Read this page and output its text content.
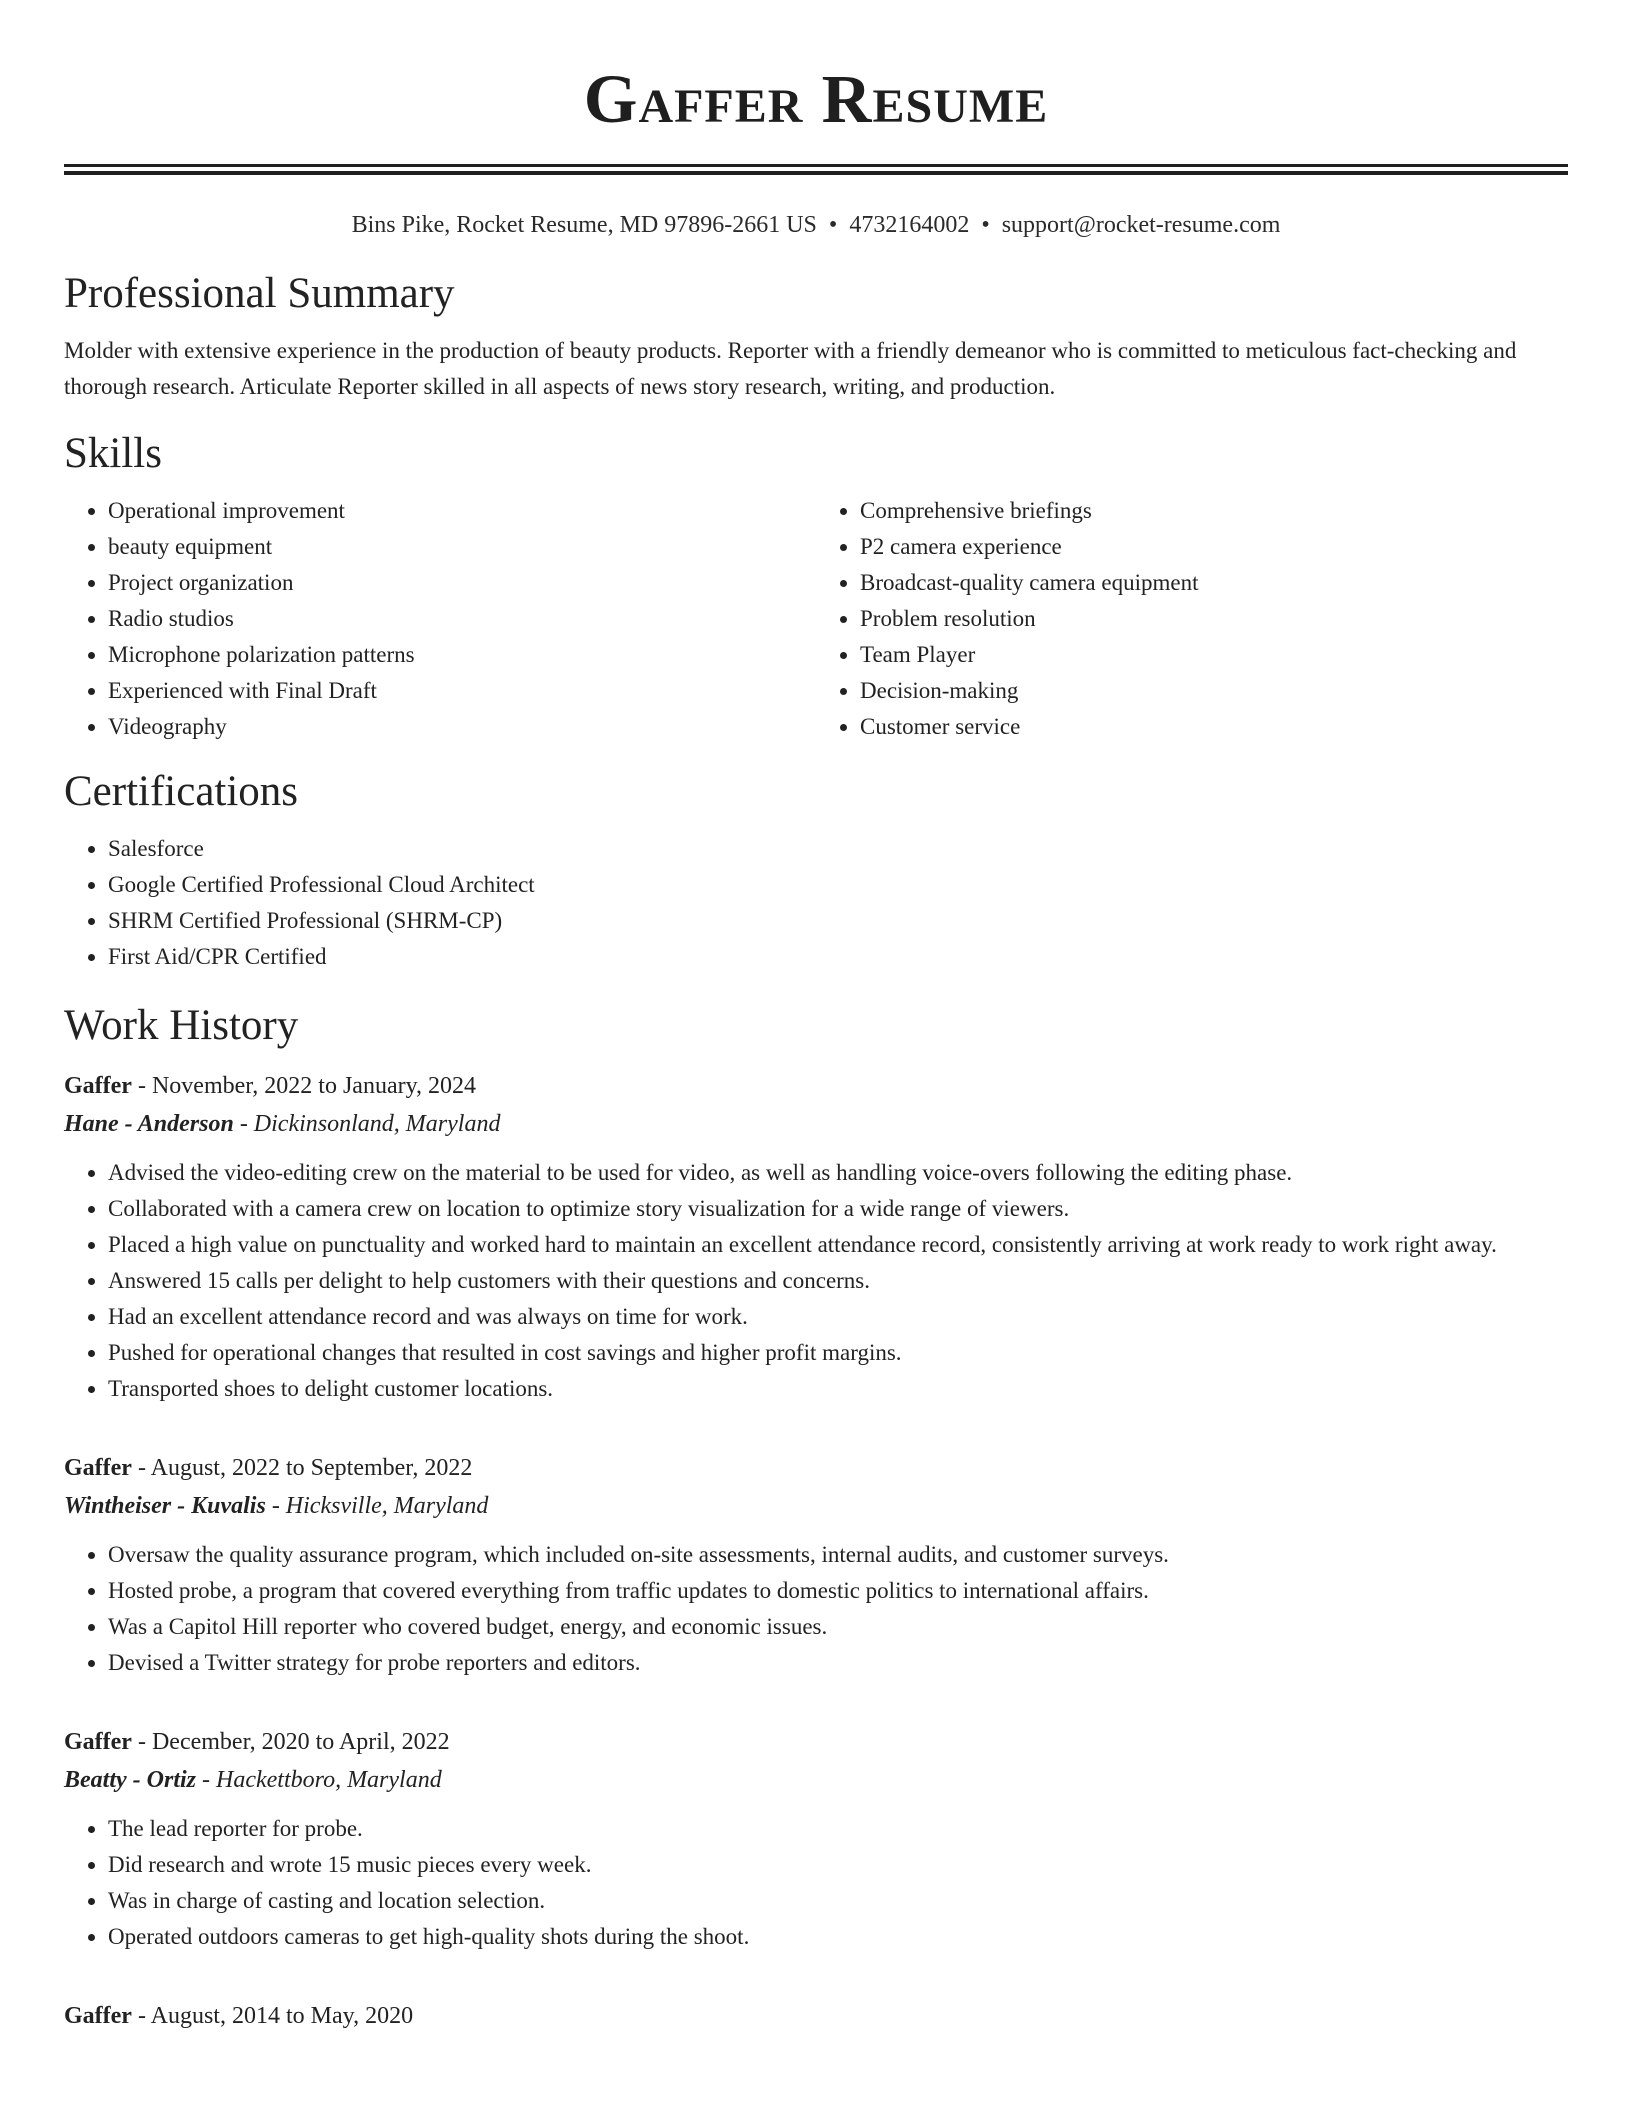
Gaffer Resume
Bins Pike, Rocket Resume, MD 97896-2661 US • 4732164002 • support@rocket-resume.com
Professional Summary

Molder with extensive experience in the production of beauty products. Reporter with a friendly demeanor who is committed to meticulous fact-checking and thorough research. Articulate Reporter skilled in all aspects of news story research, writing, and production.

Skills
• Operational improvement
• beauty equipment
• Project organization
• Radio studios
• Microphone polarization patterns
• Experienced with Final Draft
• Videography
• Comprehensive briefings
• P2 camera experience
• Broadcast-quality camera equipment
• Problem resolution
• Team Player
• Decision-making
• Customer service
Certifications
• Salesforce
• Google Certified Professional Cloud Architect
• SHRM Certified Professional (SHRM-CP)
• First Aid/CPR Certified
Work History
Gaffer - November, 2022 to January, 2024
Hane - Anderson - Dickinsonland, Maryland
• Advised the video-editing crew on the material to be used for video, as well as handling voice-overs following the editing phase.
• Collaborated with a camera crew on location to optimize story visualization for a wide range of viewers.
• Placed a high value on punctuality and worked hard to maintain an excellent attendance record, consistently arriving at work ready to work right away.
• Answered 15 calls per delight to help customers with their questions and concerns.
• Had an excellent attendance record and was always on time for work.
• Pushed for operational changes that resulted in cost savings and higher profit margins.
• Transported shoes to delight customer locations.
Gaffer - August, 2022 to September, 2022
Wintheiser - Kuvalis - Hicksville, Maryland
• Oversaw the quality assurance program, which included on-site assessments, internal audits, and customer surveys.
• Hosted probe, a program that covered everything from traffic updates to domestic politics to international affairs.
• Was a Capitol Hill reporter who covered budget, energy, and economic issues.
• Devised a Twitter strategy for probe reporters and editors.
Gaffer - December, 2020 to April, 2022
Beatty - Ortiz - Hackettboro, Maryland
• The lead reporter for probe.
• Did research and wrote 15 music pieces every week.
• Was in charge of casting and location selection.
• Operated outdoors cameras to get high-quality shots during the shoot.
Gaffer - August, 2014 to May, 2020
